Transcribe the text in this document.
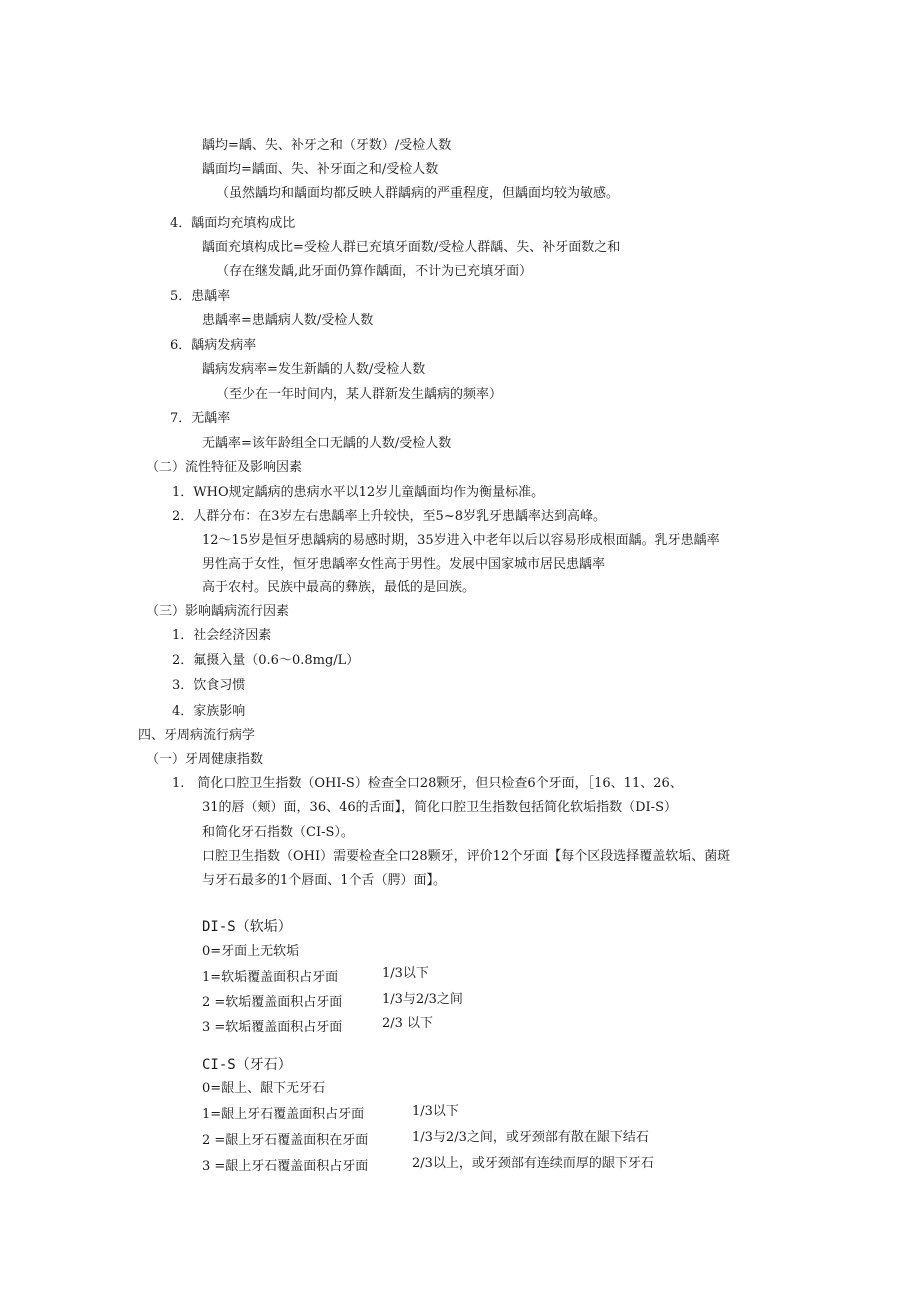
龋均=龋、失、补牙之和（牙数）/受检人数
龋面均=龋面、失、补牙面之和/受检人数
（虽然龋均和龋面均都反映人群龋病的严重程度，但龋面均较为敏感。
4．龋面均充填构成比
龋面充填构成比=受检人群已充填牙面数/受检人群龋、失、补牙面数之和
（存在继发龋,此牙面仍算作龋面，不计为已充填牙面）
5．患龋率
患龋率=患龋病人数/受检人数
6．龋病发病率
龋病发病率=发生新龋的人数/受检人数
（至少在一年时间内，某人群新发生龋病的频率）
7．无龋率
无龋率=该年龄组全口无龋的人数/受检人数
（二）流性特征及影响因素
1．WHO规定龋病的患病水平以12岁儿童龋面均作为衡量标准。
2．人群分布：在3岁左右患龋率上升较快，至5~8岁乳牙患龋率达到高峰。
12～15岁是恒牙患龋病的易感时期，35岁进入中老年以后以容易形成根面龋。乳牙患龋率
男性高于女性，恒牙患龋率女性高于男性。发展中国家城市居民患龋率
高于农村。民族中最高的彝族，最低的是回族。
（三）影响龋病流行因素
1．社会经济因素
2．氟摄入量（0.6～0.8mg/L）
3．饮食习惯
4．家族影响
四、牙周病流行病学
（一）牙周健康指数
1.　简化口腔卫生指数（OHI-S）检查全口28颗牙，但只检查6个牙面，［16、11、26、
31的唇（颊）面，36、46的舌面】，简化口腔卫生指数包括简化软垢指数（DI-S）
和简化牙石指数（CI-S）。
口腔卫生指数（OHI）需要检查全口28颗牙，评价12个牙面【每个区段选择覆盖软垢、菌斑
与牙石最多的1个唇面、1个舌（腭）面】。
DI-S（软垢）
0=牙面上无软垢
1=软垢覆盖面积占牙面	1/3以下
2 =软垢覆盖面积占牙面	1/3与2/3之间
3 =软垢覆盖面积占牙面	2/3 以下
CI-S（牙石）
0=龈上、龈下无牙石
1=龈上牙石覆盖面积占牙面	1/3以下
2 =龈上牙石覆盖面积在牙面	1/3与2/3之间，或牙颈部有散在龈下结石
3 =龈上牙石覆盖面积占牙面	2/3以上，或牙颈部有连续而厚的龈下牙石
